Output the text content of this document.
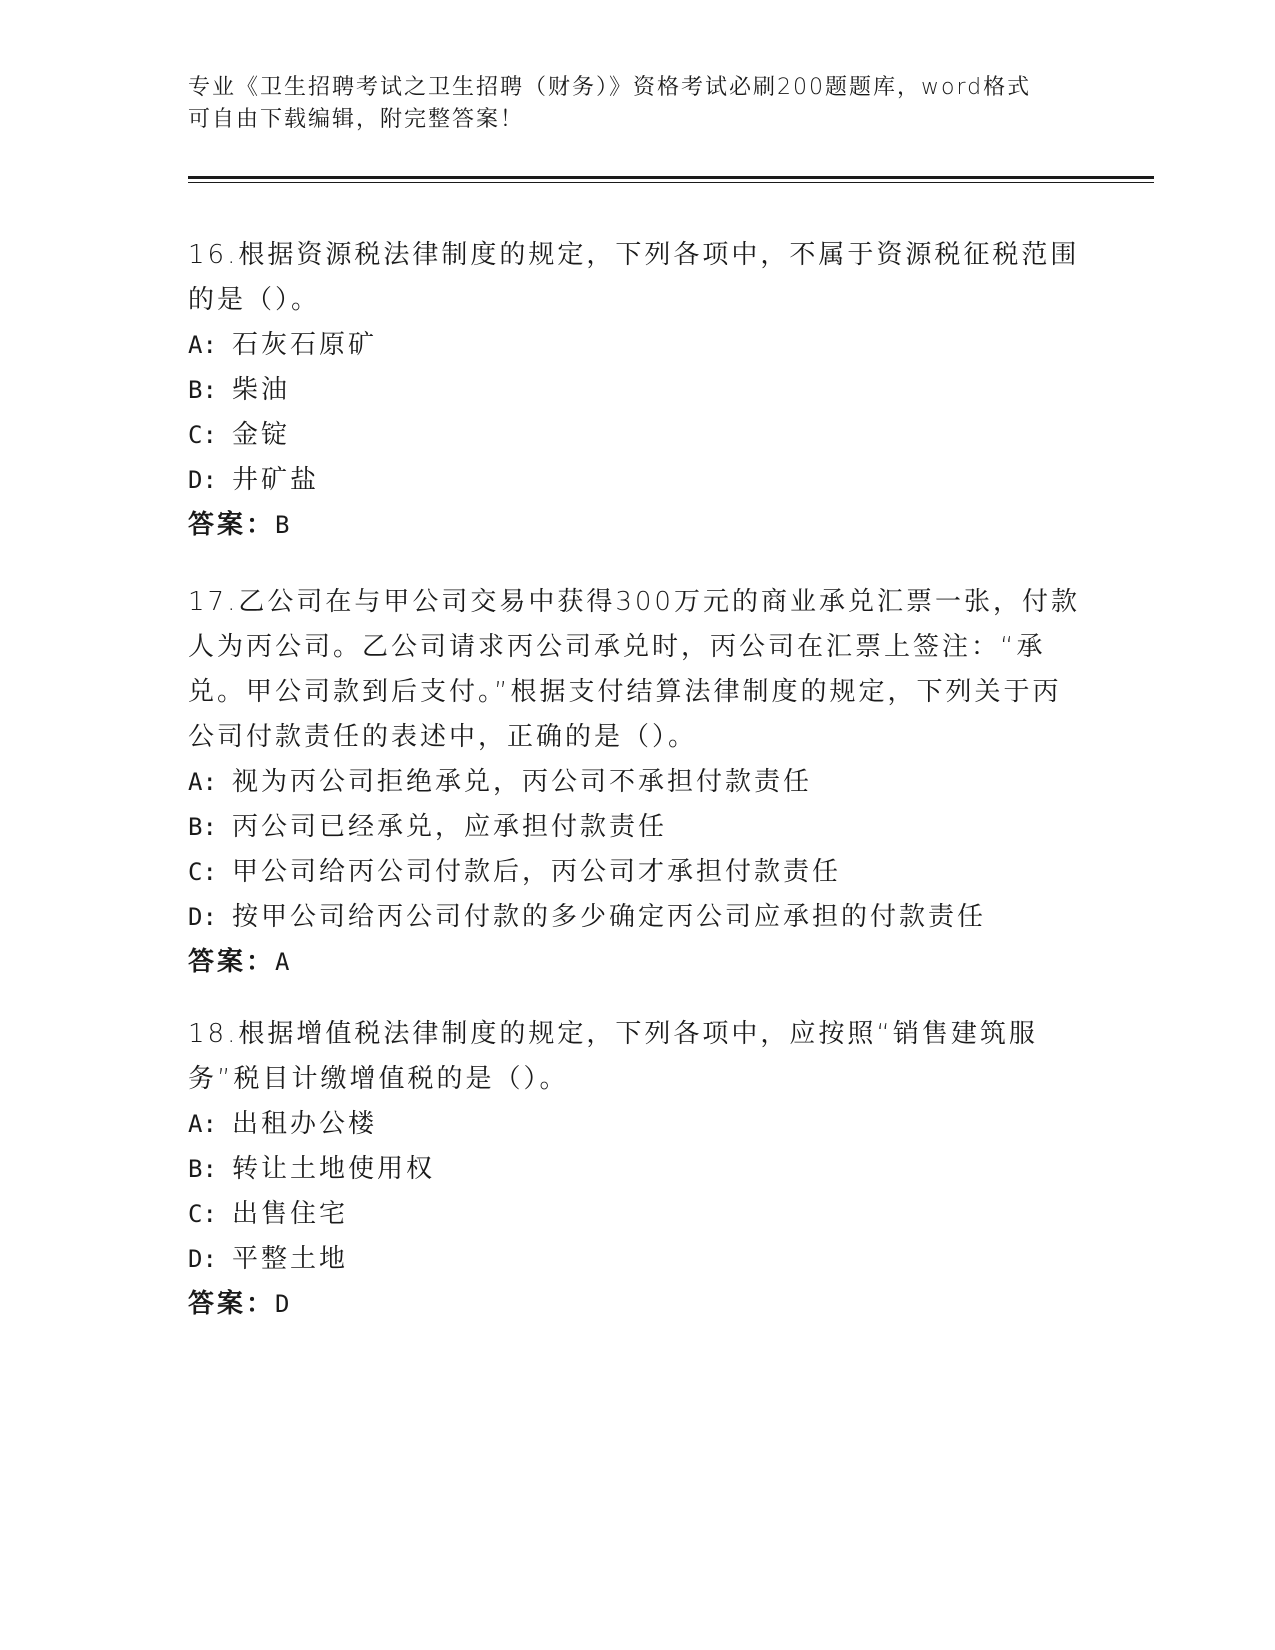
专业《卫生招聘考试之卫生招聘（财务）》资格考试必刷200题题库，word格式
可自由下载编辑，附完整答案！

16.根据资源税法律制度的规定，下列各项中，不属于资源税征税范围的是（）。

A: 石灰石原矿

B: 柴油

C: 金锭

D: 井矿盐

答案：B

17.乙公司在与甲公司交易中获得300万元的商业承兑汇票一张，付款人为丙公司。乙公司请求丙公司承兑时，丙公司在汇票上签注：“承兑。甲公司款到后支付。”根据支付结算法律制度的规定，下列关于丙公司付款责任的表述中，正确的是（）。

A: 视为丙公司拒绝承兑，丙公司不承担付款责任

B: 丙公司已经承兑，应承担付款责任

C: 甲公司给丙公司付款后，丙公司才承担付款责任

D: 按甲公司给丙公司付款的多少确定丙公司应承担的付款责任

答案：A

18.根据增值税法律制度的规定，下列各项中，应按照“销售建筑服务”税目计缴增值税的是（）。

A: 出租办公楼

B: 转让土地使用权

C: 出售住宅

D: 平整土地

答案：D
